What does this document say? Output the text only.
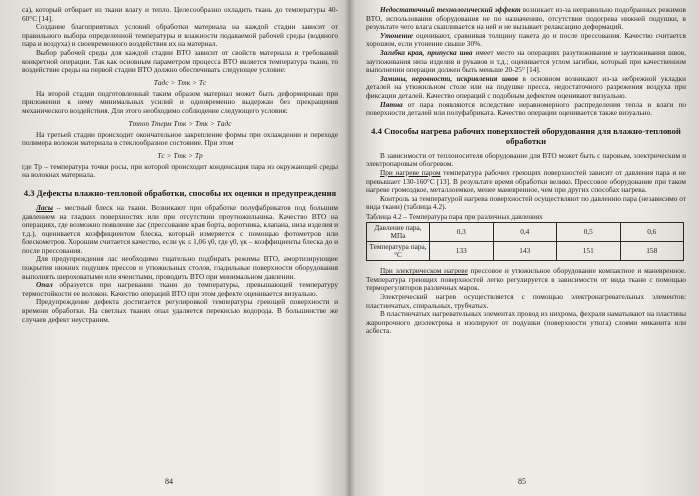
са), который отбирает из ткани влагу и тепло. Целесообразно охладить ткань до температуры 40-60°С [14].

Создание благоприятных условий обработки материала на каждой стадии зависит от правильного выбора определенной температуры и влажности подаваемой рабочей среды (водяного пара и воздуха) и своевременного воздействия их на материал.

Выбор рабочей среды для каждой стадии ВТО зависит от свойств материала и требований конкретной операции. Так как основным параметром процесса ВТО является температура ткани, то воздействие среды на первой стадии ВТО должно обеспечивать следующее условие:

Tадс > Tтк > Tс

На второй стадии подготовленный таким образом материал может быть деформирован при приложении к нему минимальных усилий и одновременно выдержан без прекращения механического воздействия. Для этого необходимо соблюдение следующего условия:

Tтпоп Tтерм Tтк > Tтк > Tадс

На третьей стадии происходит окончательное закрепление формы при охлаждении и переходе полимера волокон материала в стеклообразное состояние. При этом

Tс > Tтк > Tр

где Tр – температура точки росы, при которой происходит конденсация пара из окружающей среды на волокнах материала.

4.3 Дефекты влажно-тепловой обработки, способы их оценки и предупреждения

Ласы – местный блеск на ткани. Возникают при обработке полуфабрикатов под большим давлением на гладких поверхностях или при отсутствии проутюжильника. Качество ВТО на операциях, где возможно появление лас (прессование края борта, воротника, клапана, низа изделия и т.д.), оценивается коэффициентом блеска, который измеряется с помощью фотометров или блескометров. Хорошим считается качество, если γк ≤ 1,06 γ0, где γ0, γк – коэффициенты блеска до и после прессования.

Для предупреждения лас необходимо тщательно подбирать режимы ВТО, амортизирующие покрытия нижних подушек прессов и утюжильных столов, гладильные поверхности оборудования выполнять шероховатыми или ячеистыми, проводить ВТО при минимальном давлении.

Опал образуется при нагревании ткани до температуры, превышающей температуру термостойкости ее волокон. Качество операций ВТО при этом дефекте оценивается визуально.

Предупреждение дефекта достигается регулировкой температуры греющей поверхности и времени обработки. На светлых тканях опал удаляется перекисью водорода. В большинстве же случаев дефект неустраним.

84

Недостаточный технологический эффект возникает из-за неправильно подобранных режимов ВТО, использования оборудования не по назначению, отсутствия подогрева нижней подушки, в результате чего влага скапливается на ней и не вызывает релаксацию деформаций.

Утонение оценивают, сравнивая толщину пакета до и после прессования. Качество считается хорошим, если утонение свыше 30%.

Загибка края, припуска шва имеет место на операциях разутюживания и заутюживания швов, заутюживания низа изделия и рукавов и т.д.; оценивается углом загибки, который при качественном выполнении операции должен быть меньше 20-25° [14].

Замины, неровности, искривления швов в основном возникают из-за небрежной укладки деталей на утюжильном столе или на подушке пресса, недостаточного разрежения воздуха при фиксации деталей. Качество операций с подобным дефектом оценивают визуально.

Пятна от пара появляются вследствие неравномерного распределения тепла и влаги по поверхности деталей или полуфабриката. Качество операции оценивается также визуально.

4.4 Способы нагрева рабочих поверхностей оборудования для влажно-тепловой обработки

В зависимости от теплоносителя оборудование для ВТО может быть с паровым, электрическим и электропаровым обогревом.

При нагреве паром температура рабочих греющих поверхностей зависит от давления пара и не превышает 130-160°С [13]. В результате время обработки велико. Прессовое оборудование при таком нагреве громоздкое, металлоемкое, менее маневренное, чем при других способах нагрева.

Контроль за температурой нагрева поверхностей осуществляют по давлению пара (независимо от вида ткани) (таблица 4.2).

Таблица 4.2 – Температура пара при различных давлениях
Давление пара, МПа	0,3	0,4	0,5	0,6
Температура пара, °С	133	143	151	158

При электрическом нагреве прессовое и утюжильное оборудование компактное и маневренное. Температура греющих поверхностей легко регулируется в зависимости от вида ткани с помощью терморегуляторов различных марок.

Электрический нагрев осуществляется с помощью электронагревательных элементов: пластинчатых, спиральных, трубчатых.

В пластинчатых нагревательных элементах провод из нихрома, фехраля наматывают на пластины жаропрочного диэлектрика и изолируют от подушки (поверхности утюга) слоями миканита или асбеста.

85
